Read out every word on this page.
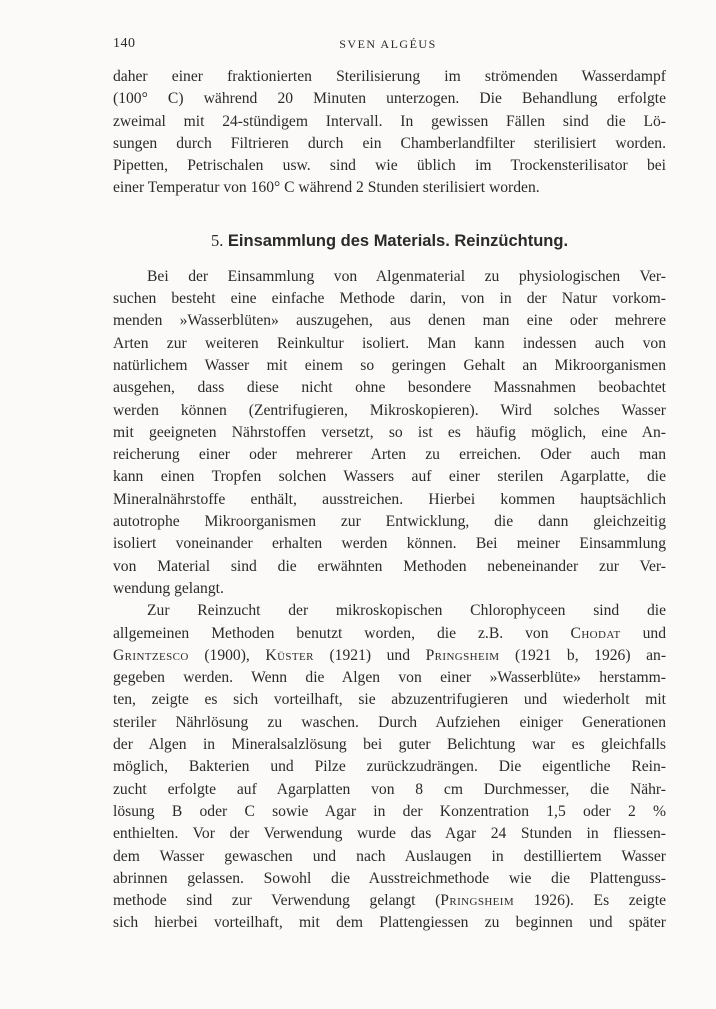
140	SVEN ALGÉUS
daher einer fraktionierten Sterilisierung im strömenden Wasserdampf
(100° C) während 20 Minuten unterzogen. Die Behandlung erfolgte
zweimal mit 24-stündigem Intervall. In gewissen Fällen sind die Lö-
sungen durch Filtrieren durch ein Chamberlandfilter sterilisiert worden.
Pipetten, Petrischalen usw. sind wie üblich im Trockensterilisator bei
einer Temperatur von 160° C während 2 Stunden sterilisiert worden.
5. Einsammlung des Materials. Reinzüchtung.
Bei der Einsammlung von Algenmaterial zu physiologischen Ver-
suchen besteht eine einfache Methode darin, von in der Natur vorkom-
menden »Wasserblüten» auszugehen, aus denen man eine oder mehrere
Arten zur weiteren Reinkultur isoliert. Man kann indessen auch von
natürlichem Wasser mit einem so geringen Gehalt an Mikroorganismen
ausgehen, dass diese nicht ohne besondere Massnahmen beobachtet
werden können (Zentrifugieren, Mikroskopieren). Wird solches Wasser
mit geeigneten Nährstoffen versetzt, so ist es häufig möglich, eine An-
reicherung einer oder mehrerer Arten zu erreichen. Oder auch man
kann einen Tropfen solchen Wassers auf einer sterilen Agarplatte, die
Mineralnährstoffe enthält, ausstreichen. Hierbei kommen hauptsächlich
autotrophe Mikroorganismen zur Entwicklung, die dann gleichzeitig
isoliert voneinander erhalten werden können. Bei meiner Einsammlung
von Material sind die erwähnten Methoden nebeneinander zur Ver-
wendung gelangt.
Zur Reinzucht der mikroskopischen Chlorophyceen sind die
allgemeinen Methoden benutzt worden, die z.B. von Chodat und
Grintzesco (1900), Küster (1921) und Pringsheim (1921 b, 1926) an-
gegeben werden. Wenn die Algen von einer »Wasserblüte» herstamm-
ten, zeigte es sich vorteilhaft, sie abzuzentrifugieren und wiederholt mit
steriler Nährlösung zu waschen. Durch Aufziehen einiger Generationen
der Algen in Mineralsalzlösung bei guter Belichtung war es gleichfalls
möglich, Bakterien und Pilze zurückzudrängen. Die eigentliche Rein-
zucht erfolgte auf Agarplatten von 8 cm Durchmesser, die Nähr-
lösung B oder C sowie Agar in der Konzentration 1,5 oder 2 %
enthielten. Vor der Verwendung wurde das Agar 24 Stunden in fliessen-
dem Wasser gewaschen und nach Auslaugen in destilliertem Wasser
abrinnen gelassen. Sowohl die Ausstreichmethode wie die Plattenguss-
methode sind zur Verwendung gelangt (Pringsheim 1926). Es zeigte
sich hierbei vorteilhaft, mit dem Plattengiessen zu beginnen und später
